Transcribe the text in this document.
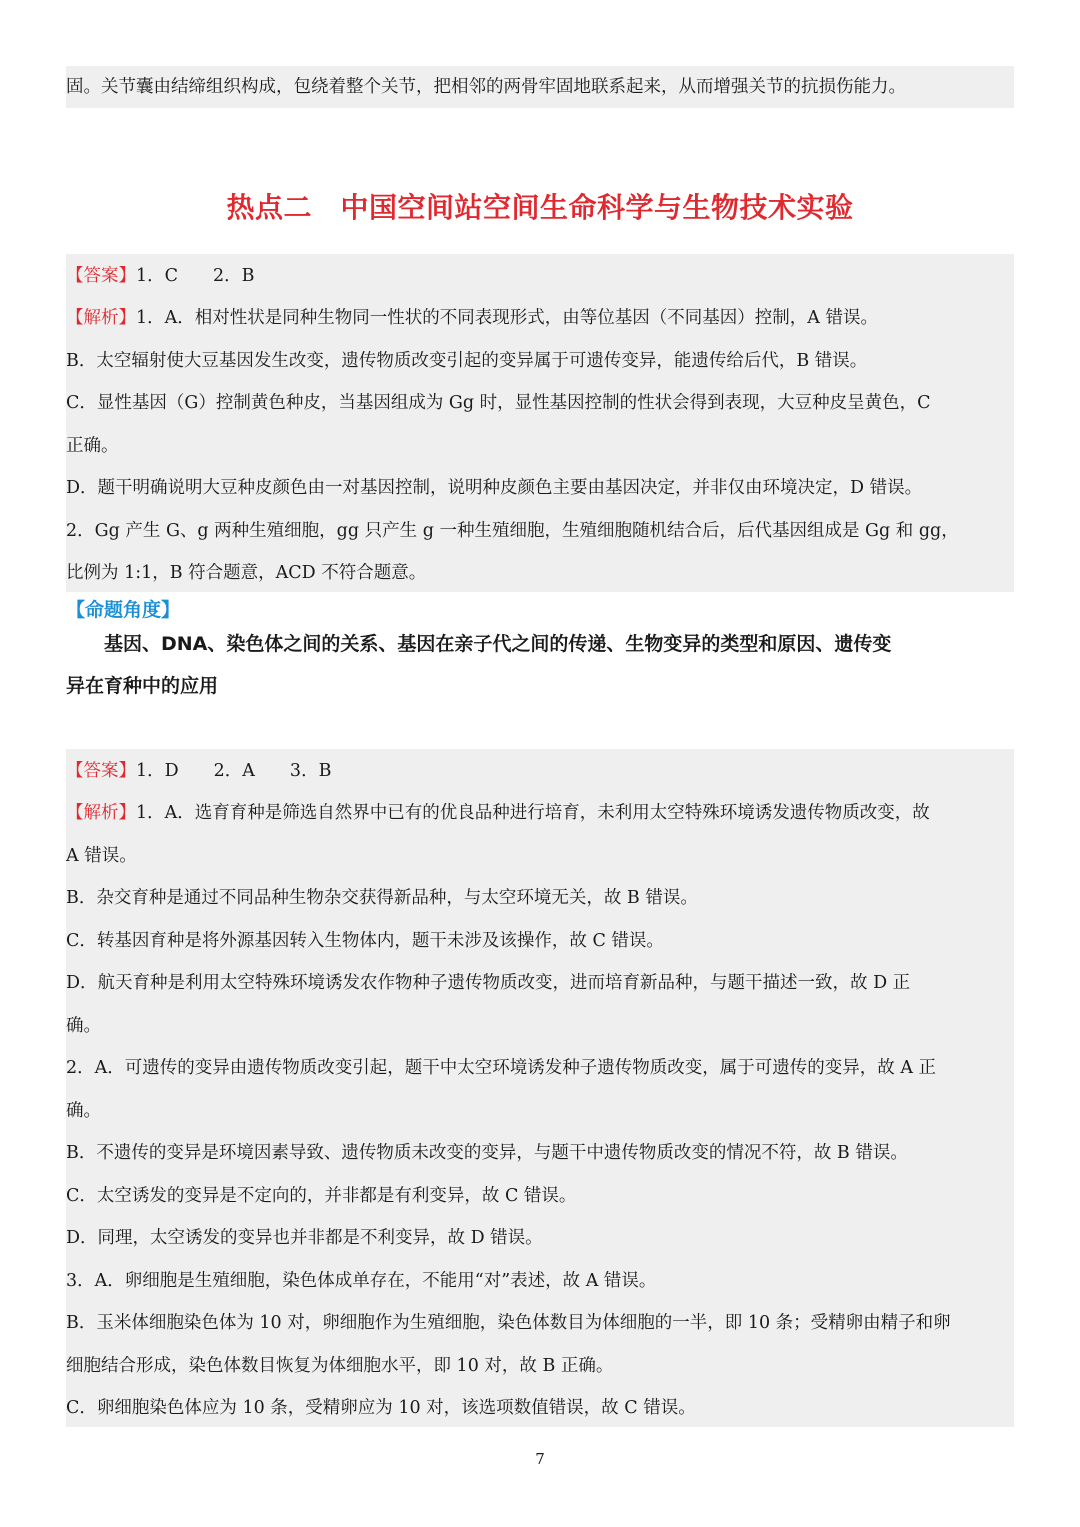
固。关节囊由结缔组织构成，包绕着整个关节，把相邻的两骨牢固地联系起来，从而增强关节的抗损伤能力。
热点二　中国空间站空间生命科学与生物技术实验
【答案】1．C　　2．B
【解析】1．A．相对性状是同种生物同一性状的不同表现形式，由等位基因（不同基因）控制，A 错误。
B．太空辐射使大豆基因发生改变，遗传物质改变引起的变异属于可遗传变异，能遗传给后代，B 错误。
C．显性基因（G）控制黄色种皮，当基因组成为 Gg 时，显性基因控制的性状会得到表现，大豆种皮呈黄色，C
正确。
D．题干明确说明大豆种皮颜色由一对基因控制，说明种皮颜色主要由基因决定，并非仅由环境决定，D 错误。
2．Gg 产生 G、g 两种生殖细胞，gg 只产生 g 一种生殖细胞，生殖细胞随机结合后，后代基因组成是 Gg 和 gg，
比例为 1:1，B 符合题意，ACD 不符合题意。
【命题角度】
　　基因、DNA、染色体之间的关系、基因在亲子代之间的传递、生物变异的类型和原因、遗传变
异在育种中的应用
【答案】1．D　　2．A　　3．B
【解析】1．A．选育育种是筛选自然界中已有的优良品种进行培育，未利用太空特殊环境诱发遗传物质改变，故
A 错误。
B．杂交育种是通过不同品种生物杂交获得新品种，与太空环境无关，故 B 错误。
C．转基因育种是将外源基因转入生物体内，题干未涉及该操作，故 C 错误。
D．航天育种是利用太空特殊环境诱发农作物种子遗传物质改变，进而培育新品种，与题干描述一致，故 D 正
确。
2．A．可遗传的变异由遗传物质改变引起，题干中太空环境诱发种子遗传物质改变，属于可遗传的变异，故 A 正
确。
B．不遗传的变异是环境因素导致、遗传物质未改变的变异，与题干中遗传物质改变的情况不符，故 B 错误。
C．太空诱发的变异是不定向的，并非都是有利变异，故 C 错误。
D．同理，太空诱发的变异也并非都是不利变异，故 D 错误。
3．A．卵细胞是生殖细胞，染色体成单存在，不能用“对”表述，故 A 错误。
B．玉米体细胞染色体为 10 对，卵细胞作为生殖细胞，染色体数目为体细胞的一半，即 10 条；受精卵由精子和卵
细胞结合形成，染色体数目恢复为体细胞水平，即 10 对，故 B 正确。
C．卵细胞染色体应为 10 条，受精卵应为 10 对，该选项数值错误，故 C 错误。
7
